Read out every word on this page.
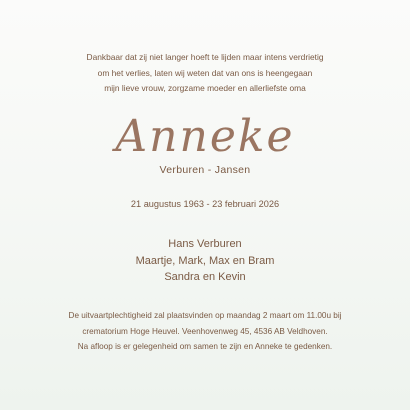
Dankbaar dat zij niet langer hoeft te lijden maar intens verdrietig
om het verlies, laten wij weten dat van ons is heengegaan
mijn lieve vrouw, zorgzame moeder en allerliefste oma
Anneke
Verburen - Jansen
21 augustus 1963 - 23 februari 2026
Hans Verburen
Maartje, Mark, Max en Bram
Sandra en Kevin
De uitvaartplechtigheid zal plaatsvinden op maandag 2 maart om 11.00u bij
crematorium Hoge Heuvel. Veenhovenweg 45, 4536 AB Veldhoven.
Na afloop is er gelegenheid om samen te zijn en Anneke te gedenken.
